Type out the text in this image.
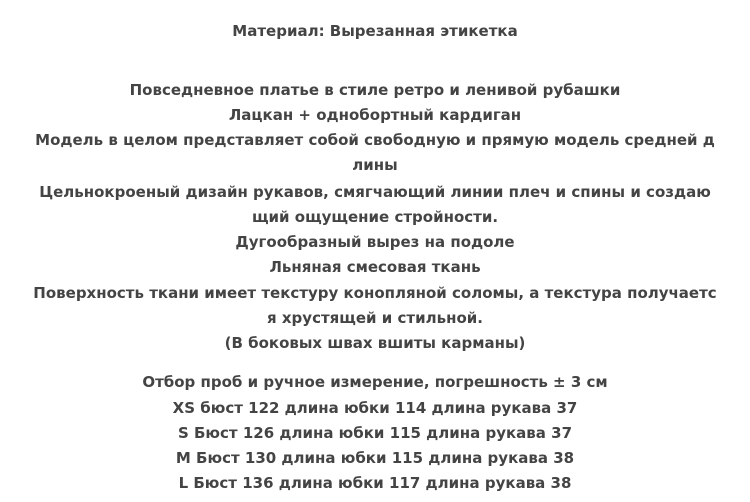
Материал: Вырезанная этикетка
Повседневное платье в стиле ретро и ленивой рубашки
Лацкан + однобортный кардиган
Модель в целом представляет собой свободную и прямую модель средней д
лины
Цельнокроеный дизайн рукавов, смягчающий линии плеч и спины и создаю
щий ощущение стройности.
Дугообразный вырез на подоле
Льняная смесовая ткань
Поверхность ткани имеет текстуру конопляной соломы, а текстура получаетс
я хрустящей и стильной.
(В боковых швах вшиты карманы)
Отбор проб и ручное измерение, погрешность ± 3 см
XS бюст 122 длина юбки 114 длина рукава 37
S Бюст 126 длина юбки 115 длина рукава 37
M Бюст 130 длина юбки 115 длина рукава 38
L Бюст 136 длина юбки 117 длина рукава 38
